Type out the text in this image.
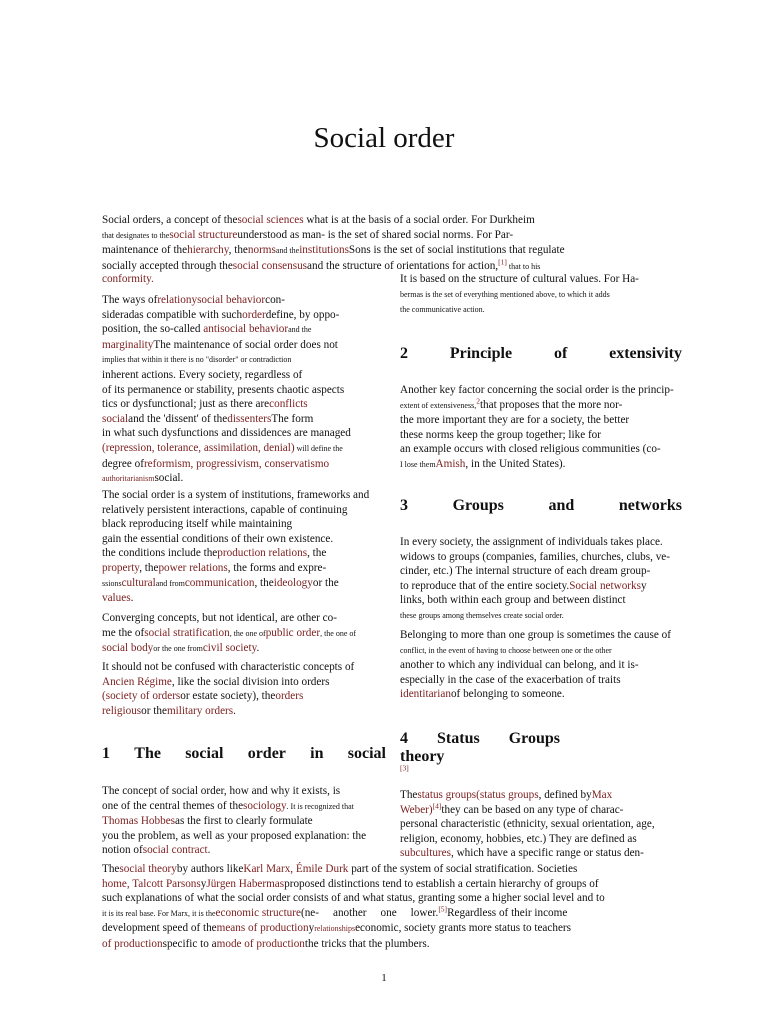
Social order

Social orders, a concept of thesocial sciences what is at the basis of a social order. For Durkheim

that designates to thesocial structureunderstood as man- is the set of shared social norms. For Par-

maintenance of thehierarchy, thenormsand theinstitutionsSons is the set of social institutions that regulate

socially accepted through thesocial consensusand the structure of orientations for action,[1] that to his

conformity.

The ways ofrelationysocial behaviorcon-

sideradas compatible with suchorderdefine, by oppo-

position, the so-called antisocial behaviorand the

marginalityThe maintenance of social order does not

implies that within it there is no "disorder" or contradiction

inherent actions. Every society, regardless of

of its permanence or stability, presents chaotic aspects

tics or dysfunctional; just as there areconflicts

socialand the 'dissent' of thedissentersThe form

in what such dysfunctions and dissidences are managed

(repression, tolerance, assimilation, denial) will define the

degree ofreformism, progressivism, conservatismo

authoritarianismsocial.

The social order is a system of institutions, frameworks and

relatively persistent interactions, capable of continuing

black reproducing itself while maintaining

gain the essential conditions of their own existence.

the conditions include theproduction relations, the

property, thepower relations, the forms and expre-

ssionsculturaland fromcommunication, theideologyor the

values.

Converging concepts, but not identical, are other co-

me the ofsocial stratification, the one ofpublic order, the one of

social bodyor the one fromcivil society.

It should not be confused with characteristic concepts of

Ancien Régime, like the social division into orders

(society of ordersor estate society), theorders

religiousor themilitary orders.

1 The social order in social

The concept of social order, how and why it exists, is

one of the central themes of thesociology. It is recognized that

Thomas Hobbesas the first to clearly formulate

you the problem, as well as your proposed explanation: the

notion ofsocial contract.

It is based on the structure of cultural values. For Ha-

bermas is the set of everything mentioned above, to which it adds

the communicative action.

2	Principle	of	extensivity

Another key factor concerning the social order is the princip-

extent of extensiveness,$^2$that proposes that the more nor-

the more important they are for a society, the better

these norms keep the group together; like for

an example occurs with closed religious communities (co-

I lose themAmish, in the United States).

3	Groups	and	networks

In every society, the assignment of individuals takes place.

widows to groups (companies, families, churches, clubs, ve-

cinder, etc.) The internal structure of each dream group-

to reproduce that of the entire society.Social networksy

links, both within each group and between distinct

these groups among themselves create social order.

Belonging to more than one group is sometimes the cause of

conflict, in the event of having to choose between one or the other

another to which any individual can belong, and it is-

especially in the case of the exacerbation of traits

identitarianof belonging to someone.

4 Status Groups
theory

[3]

Thestatus groups(status groups, defined byMax

Weber)[4]they can be based on any type of charac-

personal characteristic (ethnicity, sexual orientation, age,

religion, economy, hobbies, etc.) They are defined as

subcultures, which have a specific range or status den-

Thesocial theoryby authors likeKarl Marx, Émile Durk part of the system of social stratification. Societies

home, Talcott ParsonsyJürgen Habermasproposed distinctions tend to establish a certain hierarchy of groups of

such explanations of what the social order consists of and what status, granting some a higher social level and to

it is its real base. For Marx, it is theeconomic structure(ne- another one lower.[5]Regardless of their income

development speed of themeans of productionyrelationshipseconomic, society grants more status to teachers

of productionspecific to amode of productionthe tricks that the plumbers.

1
